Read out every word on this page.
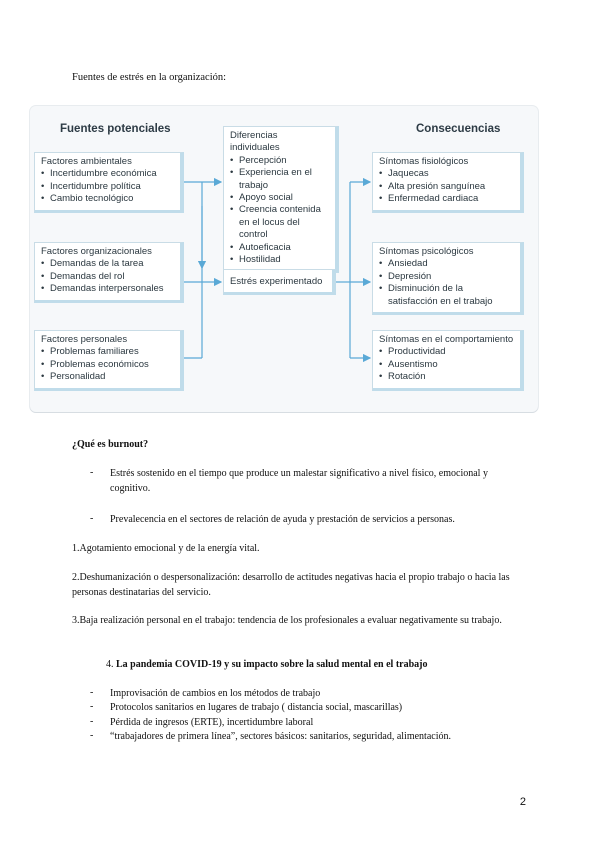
Fuentes de estrés en la organización:
Fuentes potenciales	Consecuencias
Factores ambientales
• Incertidumbre económica
• Incertidumbre política
• Cambio tecnológico
Factores organizacionales
• Demandas de la tarea
• Demandas del rol
• Demandas interpersonales
Factores personales
• Problemas familiares
• Problemas económicos
• Personalidad
Diferencias individuales
• Percepción
• Experiencia en el trabajo
• Apoyo social
• Creencia contenida en el locus del control
• Autoeficacia
• Hostilidad
Estrés experimentado
Síntomas fisiológicos
• Jaquecas
• Alta presión sanguínea
• Enfermedad cardiaca
Síntomas psicológicos
• Ansiedad
• Depresión
• Disminución de la satisfacción en el trabajo
Síntomas en el comportamiento
• Productividad
• Ausentismo
• Rotación
¿Qué es burnout?
- Estrés sostenido en el tiempo que produce un malestar significativo a nivel físico, emocional y cognitivo.
- Prevalecencia en el sectores de relación de ayuda y prestación de servicios a personas.
1.Agotamiento emocional y de la energía vital.
2.Deshumanización o despersonalización: desarrollo de actitudes negativas hacia el propio trabajo o hacia las personas destinatarias del servicio.
3.Baja realización personal en el trabajo: tendencia de los profesionales a evaluar negativamente su trabajo.
4. La pandemia COVID-19 y su impacto sobre la salud mental en el trabajo
- Improvisación de cambios en los métodos de trabajo
- Protocolos sanitarios en lugares de trabajo ( distancia social, mascarillas)
- Pérdida de ingresos (ERTE), incertidumbre laboral
- “trabajadores de primera línea”, sectores básicos: sanitarios, seguridad, alimentación.
2
